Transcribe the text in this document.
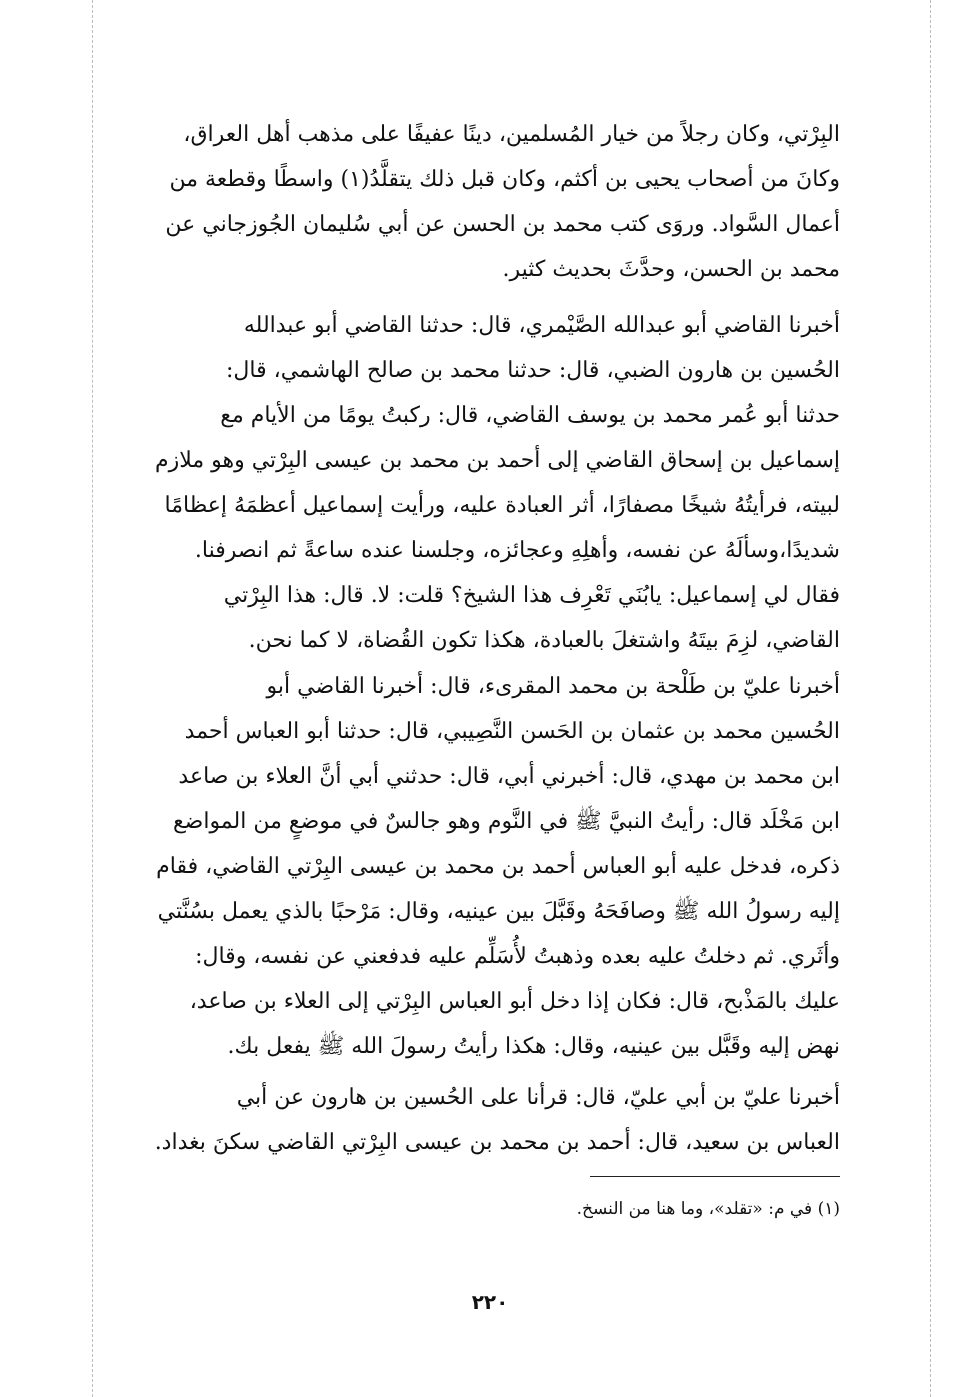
البِرْتي، وكان رجلاً من خيار المُسلمين، دينًا عفيفًا على مذهب أهل العراق،
وكانَ من أصحاب يحيى بن أكثم، وكان قبل ذلك يتقلَّدُ(١) واسطًا وقطعة من
أعمال السَّواد. وروَى كتب محمد بن الحسن عن أبي سُليمان الجُوزجاني عن
محمد بن الحسن، وحدَّثَ بحديث كثير.
أخبرنا القاضي أبو عبدالله الصَّيْمري، قال: حدثنا القاضي أبو عبدالله
الحُسين بن هارون الضبي، قال: حدثنا محمد بن صالح الهاشمي، قال:
حدثنا أبو عُمر محمد بن يوسف القاضي، قال: ركبتُ يومًا من الأيام مع
إسماعيل بن إسحاق القاضي إلى أحمد بن محمد بن عيسى البِرْتي وهو ملازم
لبيته، فرأيتُهُ شيخًا مصفارًا، أثر العبادة عليه، ورأيت إسماعيل أعظمَهُ إعظامًا
شديدًا،وسألَهُ عن نفسه، وأهلِهِ وعجائزه، وجلسنا عنده ساعةً ثم انصرفنا.
فقال لي إسماعيل: يابُنَي تَعْرِف هذا الشيخ؟ قلت: لا. قال: هذا البِرْتي
القاضي، لزِمَ بيتَهُ واشتغلَ بالعبادة، هكذا تكون القُضاة، لا كما نحن.
أخبرنا عليّ بن طَلْحة بن محمد المقرىء، قال: أخبرنا القاضي أبو
الحُسين محمد بن عثمان بن الحَسن النَّصِيبي، قال: حدثنا أبو العباس أحمد
ابن محمد بن مهدي، قال: أخبرني أبي، قال: حدثني أبي أنَّ العلاء بن صاعد
ابن مَخْلَد قال: رأيتُ النبيَّ ﷺ في النَّوم وهو جالسٌ في موضعٍ من المواضع
ذكره، فدخل عليه أبو العباس أحمد بن محمد بن عيسى البِرْتي القاضي، فقام
إليه رسولُ الله ﷺ وصافَحَهُ وقَبَّلَ بين عينيه، وقال: مَرْحبًا بالذي يعمل بسُنَّتي
وأثَري. ثم دخلتُ عليه بعده وذهبتُ لأُسَلِّم عليه فدفعني عن نفسه، وقال:
عليك بالمَذْبح، قال: فكان إذا دخل أبو العباس البِرْتي إلى العلاء بن صاعد،
نهض إليه وقَبَّل بين عينيه، وقال: هكذا رأيتُ رسولَ الله ﷺ يفعل بك.
أخبرنا عليّ بن أبي عليّ، قال: قرأنا على الحُسين بن هارون عن أبي
العباس بن سعيد، قال: أحمد بن محمد بن عيسى البِرْتي القاضي سكنَ بغداد.
(١) في م: «تقلد»، وما هنا من النسخ.
٢٢٠
